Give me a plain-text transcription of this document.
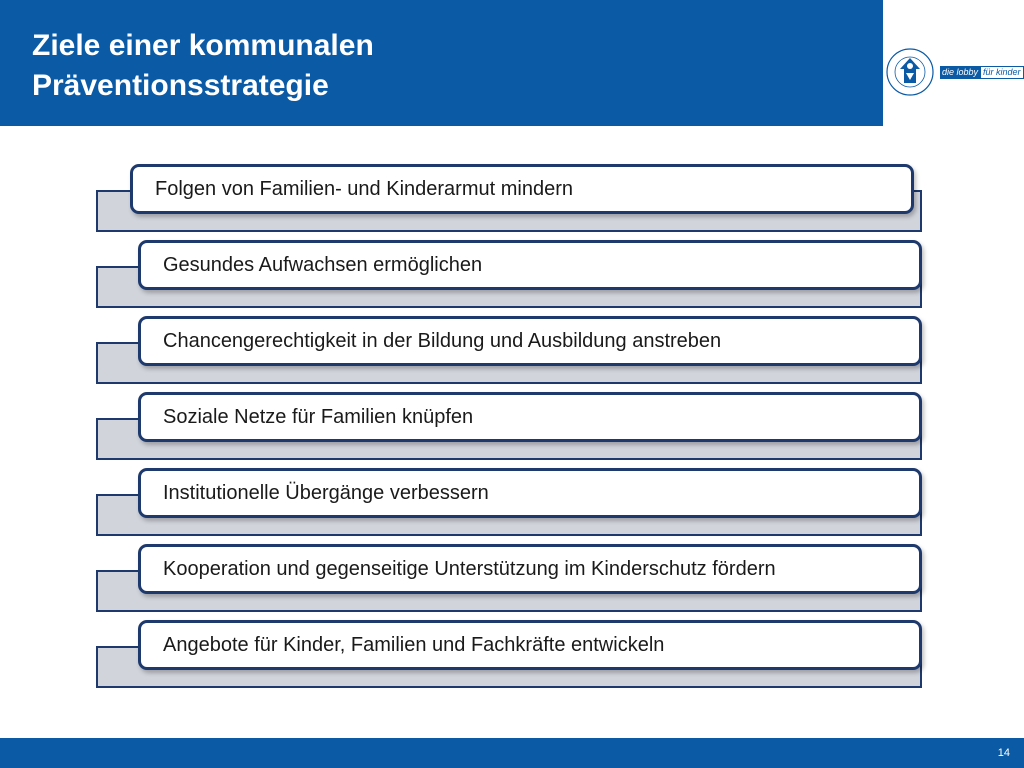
Ziele einer kommunalen
Präventionsstrategie	die lobby für kinder
Folgen von Familien- und Kinderarmut mindern
Gesundes Aufwachsen ermöglichen
Chancengerechtigkeit in der Bildung und Ausbildung anstreben
Soziale Netze für Familien knüpfen
Institutionelle Übergänge verbessern
Kooperation und gegenseitige Unterstützung im Kinderschutz fördern
Angebote für Kinder, Familien und Fachkräfte entwickeln
14
